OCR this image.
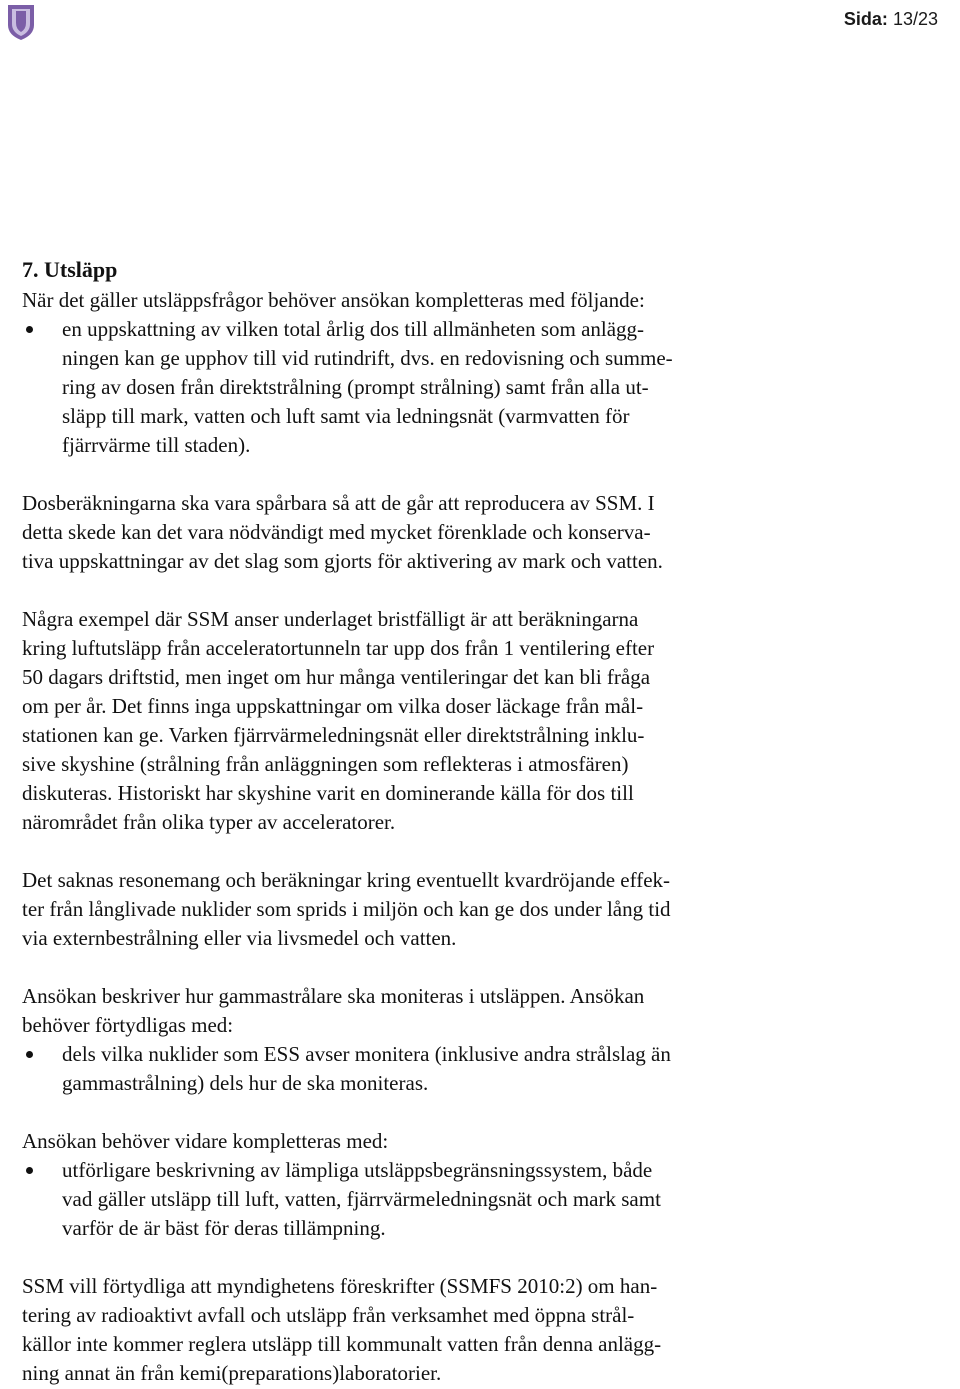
Sida: 13/23
7. Utsläpp

När det gäller utsläppsfrågor behöver ansökan kompletteras med följande:

en uppskattning av vilken total årlig dos till allmänheten som anlägg-
ningen kan ge upphov till vid rutindrift, dvs. en redovisning och summe-
ring av dosen från direktstrålning (prompt strålning) samt från alla ut-
släpp till mark, vatten och luft samt via ledningsnät (varmvatten för
fjärrvärme till staden).

Dosberäkningarna ska vara spårbara så att de går att reproducera av SSM. I
detta skede kan det vara nödvändigt med mycket förenklade och konserva-
tiva uppskattningar av det slag som gjorts för aktivering av mark och vatten.

Några exempel där SSM anser underlaget bristfälligt är att beräkningarna
kring luftutsläpp från acceleratortunneln tar upp dos från 1 ventilering efter
50 dagars driftstid, men inget om hur många ventileringar det kan bli fråga
om per år. Det finns inga uppskattningar om vilka doser läckage från mål-
stationen kan ge. Varken fjärrvärmeledningsnät eller direktstrålning inklu-
sive skyshine (strålning från anläggningen som reflekteras i atmosfären)
diskuteras. Historiskt har skyshine varit en dominerande källa för dos till
närområdet från olika typer av acceleratorer.

Det saknas resonemang och beräkningar kring eventuellt kvardröjande effek-
ter från långlivade nuklider som sprids i miljön och kan ge dos under lång tid
via externbestrålning eller via livsmedel och vatten.

Ansökan beskriver hur gammastrålare ska moniteras i utsläppen. Ansökan
behöver förtydligas med:

dels vilka nuklider som ESS avser monitera (inklusive andra strålslag än
gammastrålning) dels hur de ska moniteras.

Ansökan behöver vidare kompletteras med:

utförligare beskrivning av lämpliga utsläppsbegränsningssystem, både
vad gäller utsläpp till luft, vatten, fjärrvärmeledningsnät och mark samt
varför de är bäst för deras tillämpning.

SSM vill förtydliga att myndighetens föreskrifter (SSMFS 2010:2) om han-
tering av radioaktivt avfall och utsläpp från verksamhet med öppna strål-
källor inte kommer reglera utsläpp till kommunalt vatten från denna anlägg-
ning annat än från kemi(preparations)laboratorier.
